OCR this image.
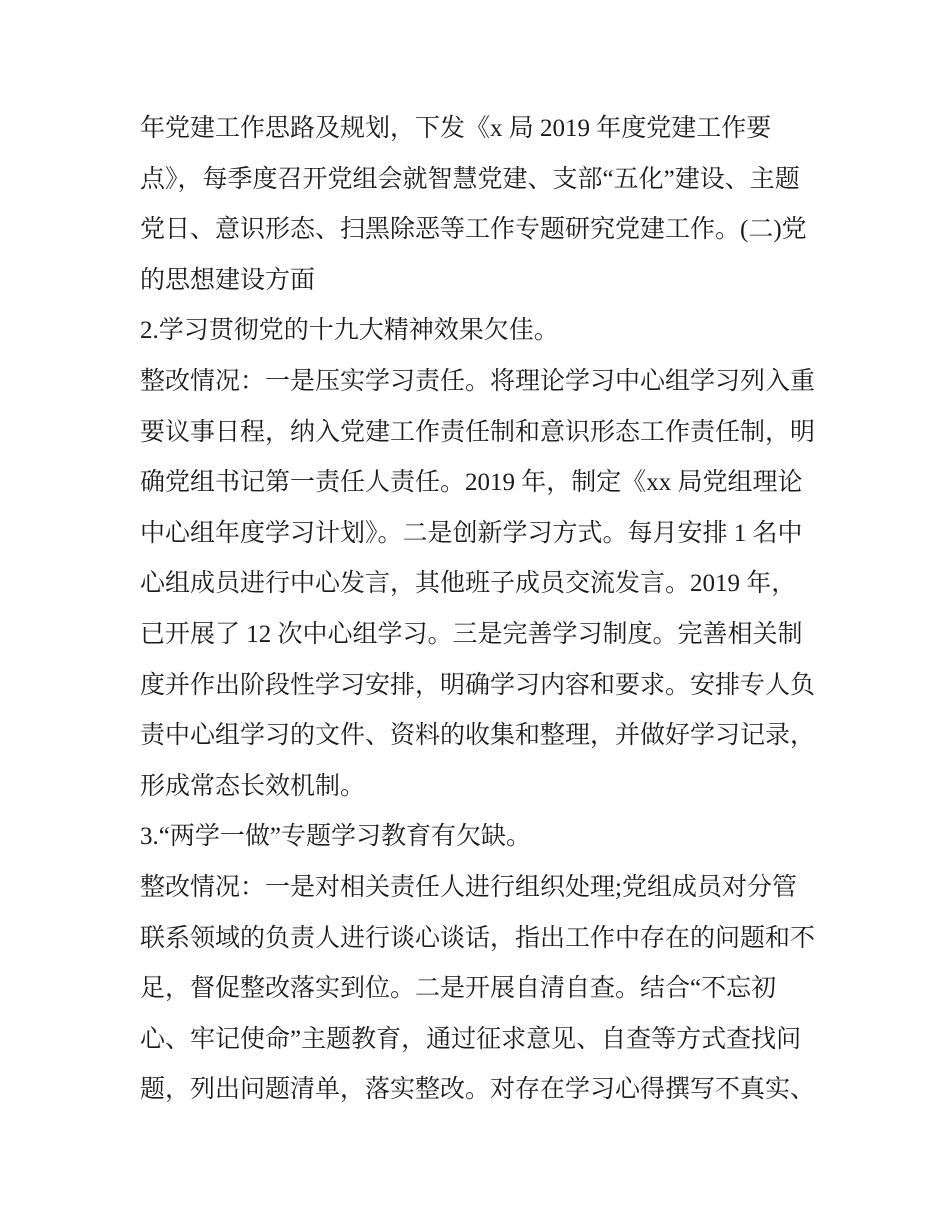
年党建工作思路及规划，下发《x 局 2019 年度党建工作要
点》，每季度召开党组会就智慧党建、支部“五化”建设、主题
党日、意识形态、扫黑除恶等工作专题研究党建工作。(二)党
的思想建设方面
2.学习贯彻党的十九大精神效果欠佳。
整改情况：一是压实学习责任。将理论学习中心组学习列入重
要议事日程，纳入党建工作责任制和意识形态工作责任制，明
确党组书记第一责任人责任。2019 年，制定《xx 局党组理论
中心组年度学习计划》。二是创新学习方式。每月安排 1 名中
心组成员进行中心发言，其他班子成员交流发言。2019 年，
已开展了 12 次中心组学习。三是完善学习制度。完善相关制
度并作出阶段性学习安排，明确学习内容和要求。安排专人负
责中心组学习的文件、资料的收集和整理，并做好学习记录，
形成常态长效机制。
3.“两学一做”专题学习教育有欠缺。
整改情况：一是对相关责任人进行组织处理;党组成员对分管
联系领域的负责人进行谈心谈话，指出工作中存在的问题和不
足，督促整改落实到位。二是开展自清自查。结合“不忘初
心、牢记使命”主题教育，通过征求意见、自查等方式查找问
题，列出问题清单，落实整改。对存在学习心得撰写不真实、
